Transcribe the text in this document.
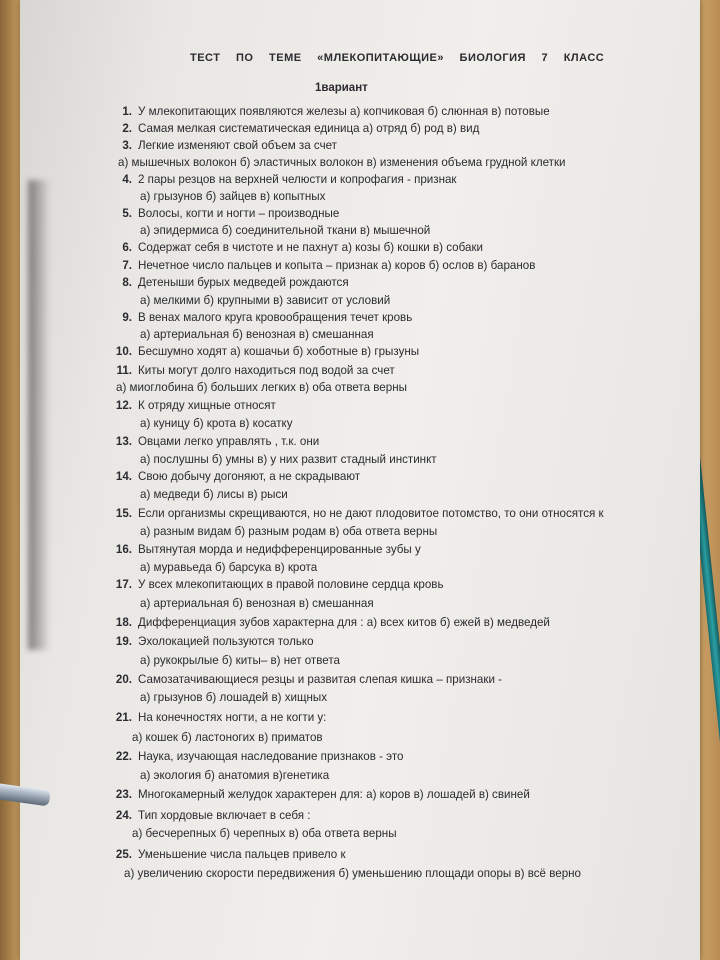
ТЕСТ ПО ТЕМЕ «МЛЕКОПИТАЮЩИЕ» БИОЛОГИЯ 7 КЛАСС
1вариант
1. У млекопитающих появляются железы а) копчиковая б) слюнная в) потовые
2. Самая мелкая систематическая единица а) отряд б) род в) вид
3. Легкие изменяют свой объем за счет
а) мышечных волокон б) эластичных волокон в) изменения объема грудной клетки
4. 2 пары резцов на верхней челюсти и копрофагия - признак
а) грызунов б) зайцев в) копытных
5. Волосы, когти и ногти – производные
а) эпидермиса б) соединительной ткани в) мышечной
6. Содержат себя в чистоте и не пахнут а) козы б) кошки в) собаки
7. Нечетное число пальцев и копыта – признак а) коров б) ослов в) баранов
8. Детеныши бурых медведей рождаются
а) мелкими б) крупными в) зависит от условий
9. В венах малого круга кровообращения течет кровь
а) артериальная б) венозная в) смешанная
10. Бесшумно ходят а) кошачьи б) хоботные в) грызуны
11. Киты могут долго находиться под водой за счет
а) миоглобина б) больших легких в) оба ответа верны
12. К отряду хищные относят
а) куницу б) крота в) косатку
13. Овцами легко управлять , т.к. они
а) послушны б) умны в) у них развит стадный инстинкт
14. Свою добычу догоняют, а не скрадывают
а) медведи б) лисы в) рыси
15. Если организмы скрещиваются, но не дают плодовитое потомство, то они относятся к
а) разным видам б) разным родам в) оба ответа верны
16. Вытянутая морда и недифференцированные зубы у
а) муравьеда б) барсука в) крота
17. У всех млекопитающих в правой половине сердца кровь
а) артериальная б) венозная в) смешанная
18. Дифференциация зубов характерна для : а) всех китов б) ежей в) медведей
19. Эхолокацией пользуются только
а) рукокрылые б) киты– в) нет ответа
20. Самозатачивающиеся резцы и развитая слепая кишка – признаки -
а) грызунов б) лошадей в) хищных
21. На конечностях ногти, а не когти у:
а) кошек б) ластоногих в) приматов
22. Наука, изучающая наследование признаков - это
а) экология б) анатомия в)генетика
23. Многокамерный желудок характерен для: а) коров в) лошадей в) свиней
24. Тип хордовые включает в себя :
а) бесчерепных б) черепных в) оба ответа верны
25. Уменьшение числа пальцев привело к
а) увеличению скорости передвижения б) уменьшению площади опоры в) всё верно
